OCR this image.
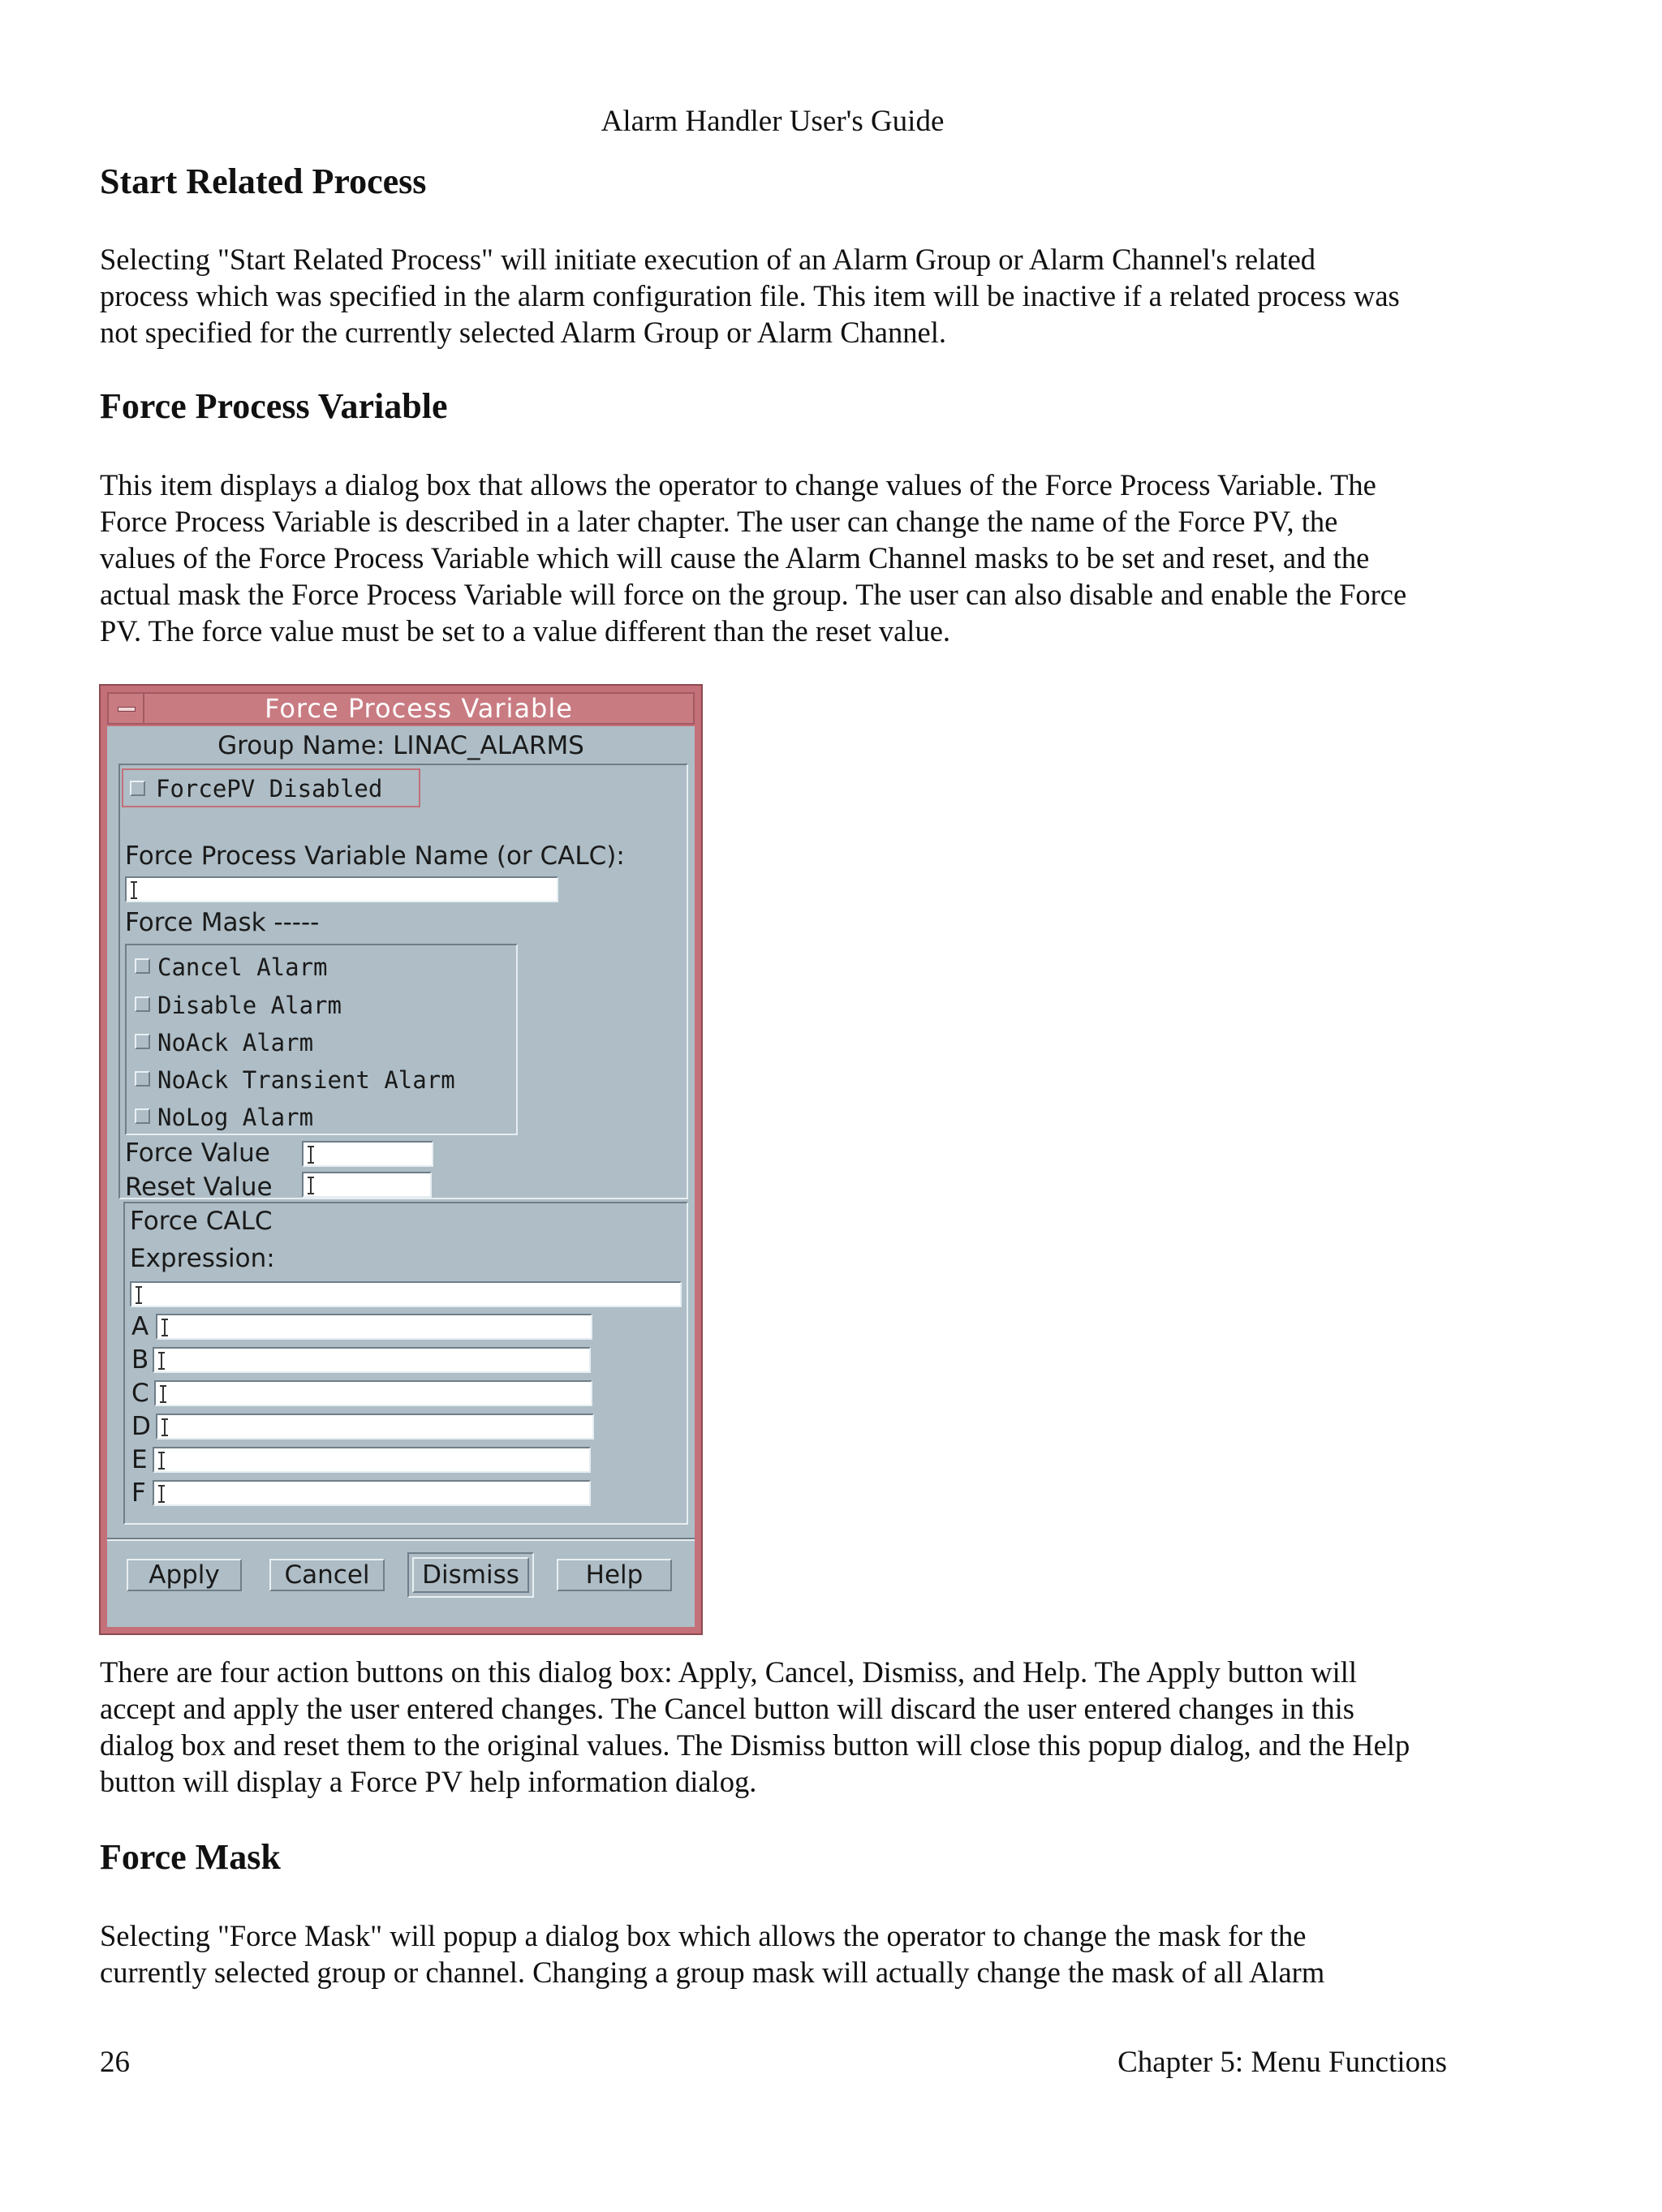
Alarm Handler User's Guide
Start Related Process

Selecting "Start Related Process" will initiate execution of an Alarm Group or Alarm Channel's related
process which was specified in the alarm configuration file. This item will be inactive if a related process was
not specified for the currently selected Alarm Group or Alarm Channel.

Force Process Variable

This item displays a dialog box that allows the operator to change values of the Force Process Variable. The
Force Process Variable is described in a later chapter. The user can change the name of the Force PV, the
values of the Force Process Variable which will cause the Alarm Channel masks to be set and reset, and the
actual mask the Force Process Variable will force on the group. The user can also disable and enable the Force
PV. The force value must be set to a value different than the reset value.

Force Process Variable
Group Name: LINAC_ALARMS
ForcePV Disabled
Force Process Variable Name (or CALC):
Force Mask -----
Cancel Alarm
Disable Alarm
NoAck Alarm
NoAck Transient Alarm
NoLog Alarm
Force Value
Reset Value
Force CALC
Expression:
A
B
C
D
E
F
Apply	Cancel	Dismiss	Help

There are four action buttons on this dialog box: Apply, Cancel, Dismiss, and Help. The Apply button will
accept and apply the user entered changes. The Cancel button will discard the user entered changes in this
dialog box and reset them to the original values. The Dismiss button will close this popup dialog, and the Help
button will display a Force PV help information dialog.

Force Mask

Selecting "Force Mask" will popup a dialog box which allows the operator to change the mask for the
currently selected group or channel. Changing a group mask will actually change the mask of all Alarm

26	Chapter 5: Menu Functions
